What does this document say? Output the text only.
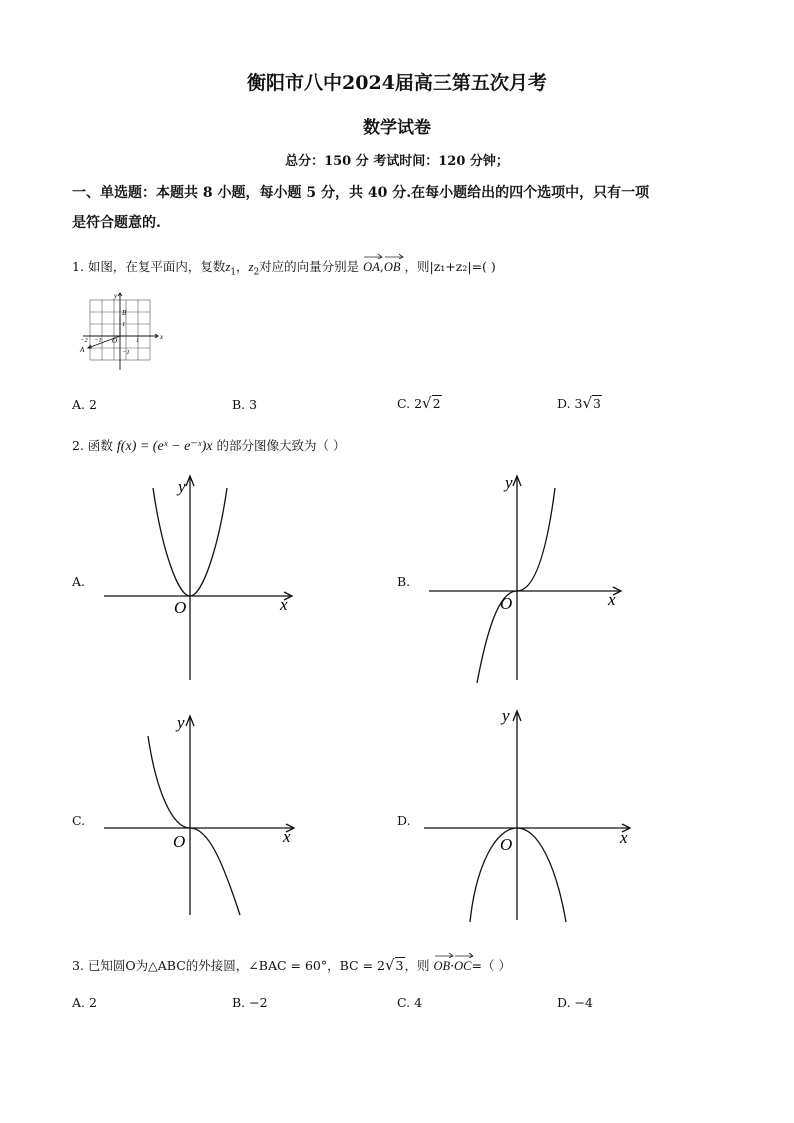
衡阳市八中2024届高三第五次月考
数学试卷
总分：150 分 考试时间：120 分钟；
一、单选题：本题共 8 小题，每小题 5 分，共 40 分.在每小题给出的四个选项中，只有一项
是符合题意的.
1. 如图，在复平面内，复数$z_1$，$z_2$对应的向量分别是 OA,
OB ，则|z₁+z₂|=( )
y
x
B
A
O
1
−1
1
−2 −1
A. 2	B. 3	C. 2√2	D. 3√3
2. 函数 f(x) = (eˣ − e⁻ˣ)x 的部分图像大致为（ ）
A.	B.
C.	D.
y
x
O
y
x
O
y
x
O
y
x
O
3. 已知圆O为△ABC的外接圆，∠BAC = 60°，BC = 2√3，则 OB·
OC=（ ）
A. 2	B. −2	C. 4	D. −4
